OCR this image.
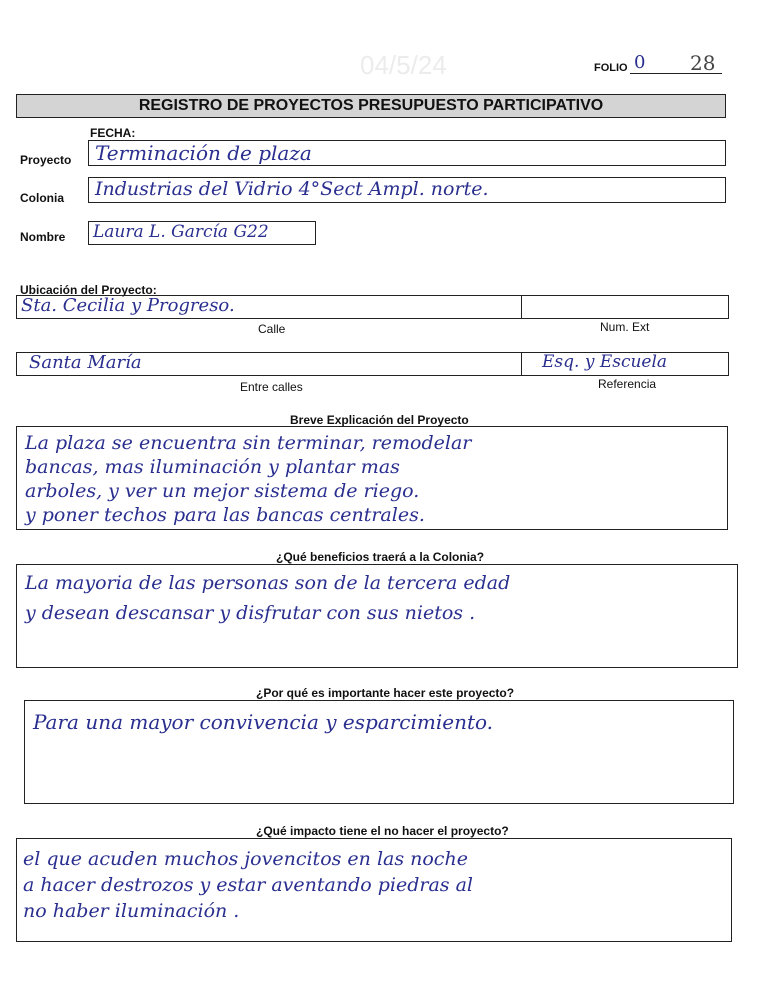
04/5/24	FOLIO 0 28
REGISTRO DE PROYECTOS PRESUPUESTO PARTICIPATIVO
FECHA:
Proyecto Terminación de plaza
Colonia Industrias del Vidrio 4°Sect Ampl. norte.
Nombre Laura L. García G22
Ubicación del Proyecto:
Sta. Cecilia y Progreso.
Calle	Num. Ext
Santa María	Esq. y Escuela
Entre calles	Referencia
Breve Explicación del Proyecto
La plaza se encuentra sin terminar, remodelar
bancas, mas iluminación y plantar mas
arboles, y ver un mejor sistema de riego.
y poner techos para las bancas centrales.
¿Qué beneficios traerá a la Colonia?
La mayoria de las personas son de la tercera edad
y desean descansar y disfrutar con sus nietos .
¿Por qué es importante hacer este proyecto?
Para una mayor convivencia y esparcimiento.
¿Qué impacto tiene el no hacer el proyecto?
el que acuden muchos jovencitos en las noche
a hacer destrozos y estar aventando piedras al
no haber iluminación .
